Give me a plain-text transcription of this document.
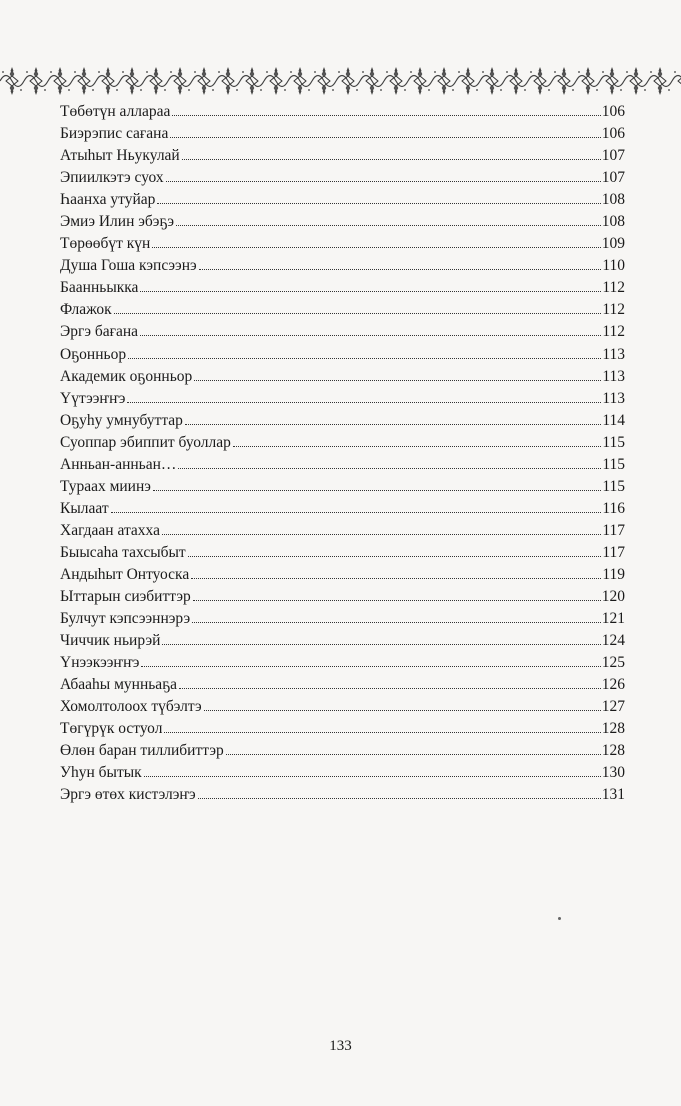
Төбөтүн алларaа	106
Биэрэпис сағана	106
Атыһыт Ньукулай	107
Эпиилкэтэ суох	107
Һаанха утуйар	108
Эмиэ Илин эбэҕэ	108
Төрөөбүт күн	109
Душа Гоша кэпсээнэ	110
Баанньыкка	112
Флажок	112
Эргэ бағана	112
Оҕонньор	113
Академик оҕонньор	113
Үүтээҥҥэ	113
Оҕуһу умнубуттар	114
Суоппар эбиппит буоллар	115
Анньан-анньан…	115
Тураах миинэ	115
Кылаат	116
Хагдаан атахха	117
Быысаһа тахсыбыт	117
Андыһыт Онтуоска	119
Ыттарын сиэбиттэр	120
Булчут кэпсээннэрэ	121
Чиччик ньирэй	124
Үнээкээҥҥэ	125
Абааһы мунньаҕа	126
Хомолтолоох түбэлтэ	127
Төгүрүк остуол	128
Өлөн баран тиллибиттэр	128
Уһун бытык	130
Эргэ өтөх кистэлэҥэ	131
133
